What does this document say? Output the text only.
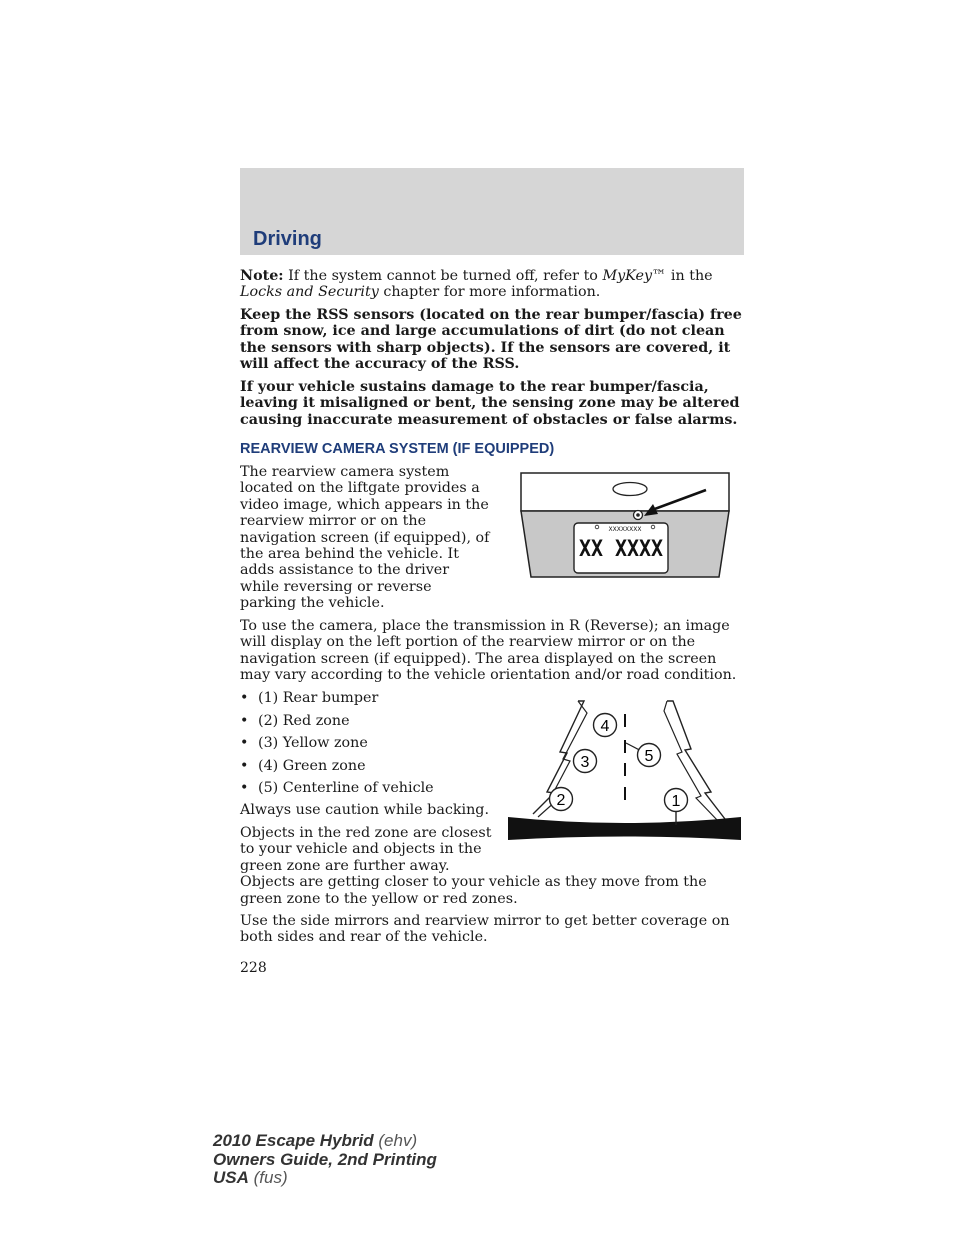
Driving

Note: If the system cannot be turned off, refer to MyKey™ in the Locks and Security chapter for more information.

Keep the RSS sensors (located on the rear bumper/fascia) free from snow, ice and large accumulations of dirt (do not clean the sensors with sharp objects). If the sensors are covered, it will affect the accuracy of the RSS.

If your vehicle sustains damage to the rear bumper/fascia, leaving it misaligned or bent, the sensing zone may be altered causing inaccurate measurement of obstacles or false alarms.

REARVIEW CAMERA SYSTEM (IF EQUIPPED)

The rearview camera system located on the liftgate provides a video image, which appears in the rearview mirror or on the navigation screen (if equipped), of the area behind the vehicle. It adds assistance to the driver while reversing or reverse parking the vehicle.

XXXXXXXX
XX XXXX

To use the camera, place the transmission in R (Reverse); an image will display on the left portion of the rearview mirror or on the navigation screen (if equipped). The area displayed on the screen may vary according to the vehicle orientation and/or road condition.

• (1) Rear bumper
• (2) Red zone
• (3) Yellow zone
• (4) Green zone
• (5) Centerline of vehicle
4
3
2
5
1

Always use caution while backing.

Objects in the red zone are closest to your vehicle and objects in the green zone are further away. Objects are getting closer to your vehicle as they move from the green zone to the yellow or red zones.

Use the side mirrors and rearview mirror to get better coverage on both sides and rear of the vehicle.

228
2010 Escape Hybrid (ehv)
Owners Guide, 2nd Printing
USA (fus)
